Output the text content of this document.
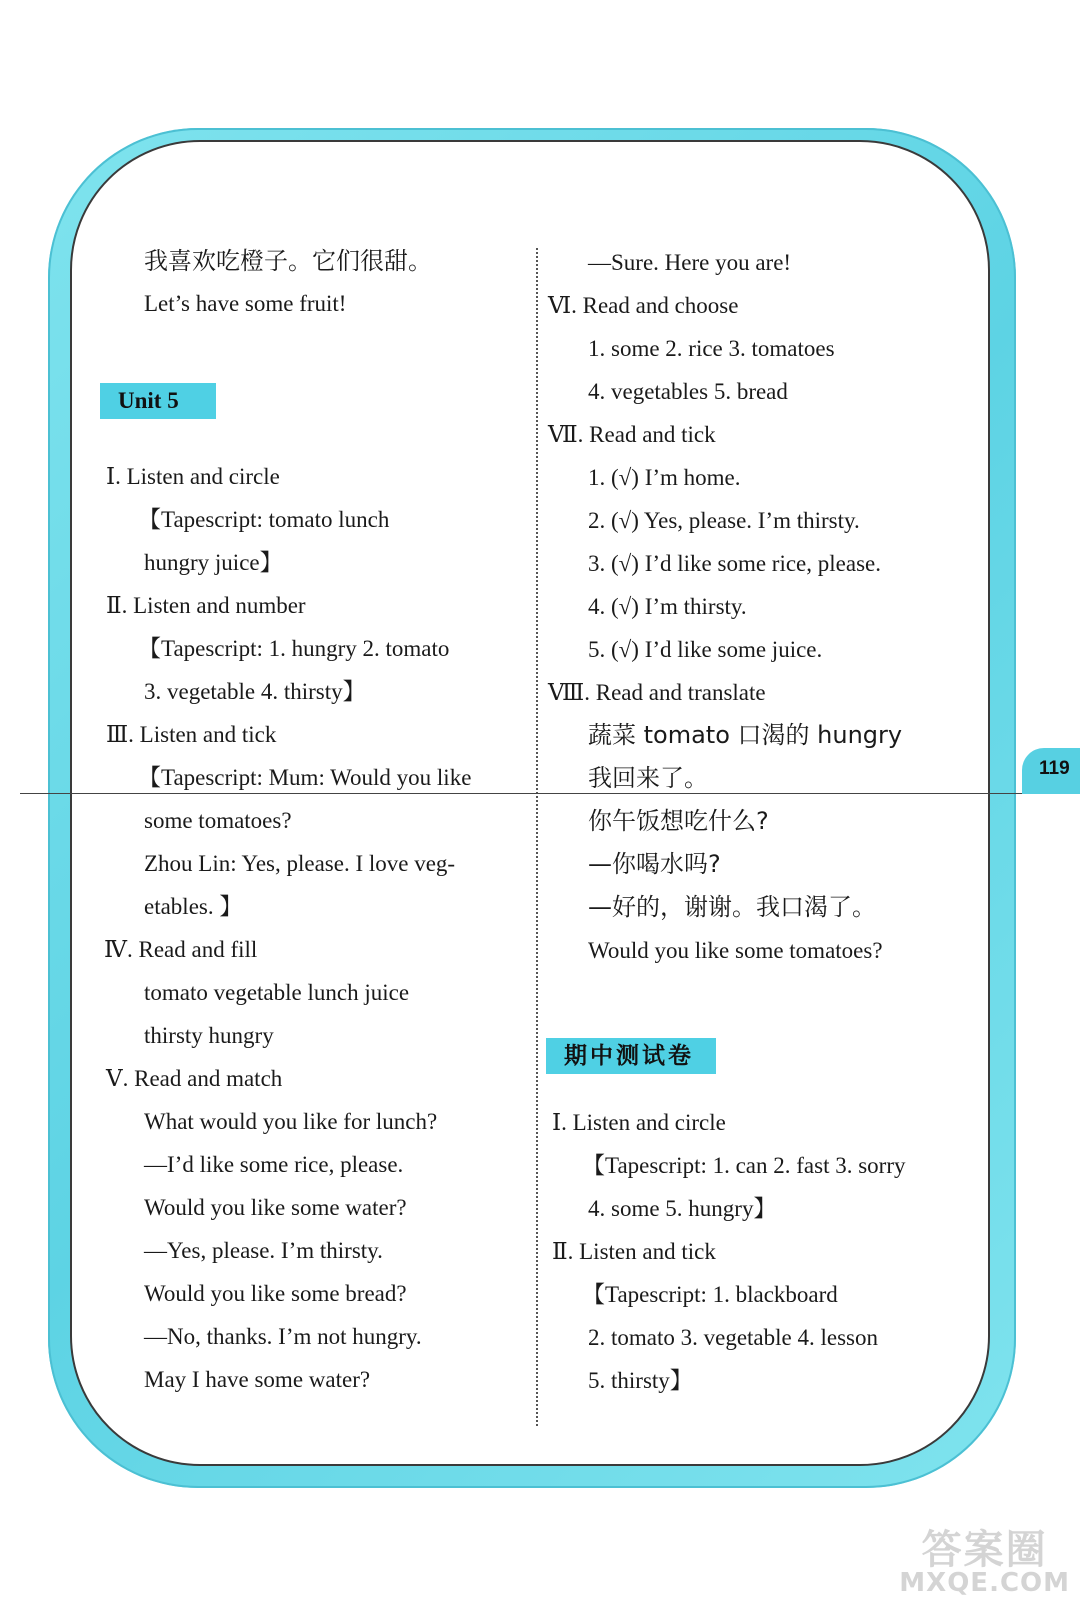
119
我喜欢吃橙子。它们很甜。
Let’s have some fruit!
Unit 5
Ⅰ. Listen and circle
【Tapescript: tomato lunch
hungry juice】
Ⅱ. Listen and number
【Tapescript: 1. hungry 2. tomato
3. vegetable 4. thirsty】
Ⅲ. Listen and tick
【Tapescript: Mum: Would you like
some tomatoes?
Zhou Lin: Yes, please. I love veg-
etables. 】
Ⅳ. Read and fill
tomato vegetable lunch juice
thirsty hungry
Ⅴ. Read and match
What would you like for lunch?
—I’d like some rice, please.
Would you like some water?
—Yes, please. I’m thirsty.
Would you like some bread?
—No, thanks. I’m not hungry.
May I have some water?
—Sure. Here you are!
Ⅵ. Read and choose
1. some 2. rice 3. tomatoes
4. vegetables 5. bread
Ⅶ. Read and tick
1. (√) I’m home.
2. (√) Yes, please. I’m thirsty.
3. (√) I’d like some rice, please.
4. (√) I’m thirsty.
5. (√) I’d like some juice.
Ⅷ. Read and translate
蔬菜 tomato 口渴的 hungry
我回来了。
你午饭想吃什么?
—你喝水吗?
—好的，谢谢。我口渴了。
Would you like some tomatoes?
期中测试卷
Ⅰ. Listen and circle
【Tapescript: 1. can 2. fast 3. sorry
4. some 5. hungry】
Ⅱ. Listen and tick
【Tapescript: 1. blackboard
2. tomato 3. vegetable 4. lesson
5. thirsty】
答案圈
MXQE.COM
